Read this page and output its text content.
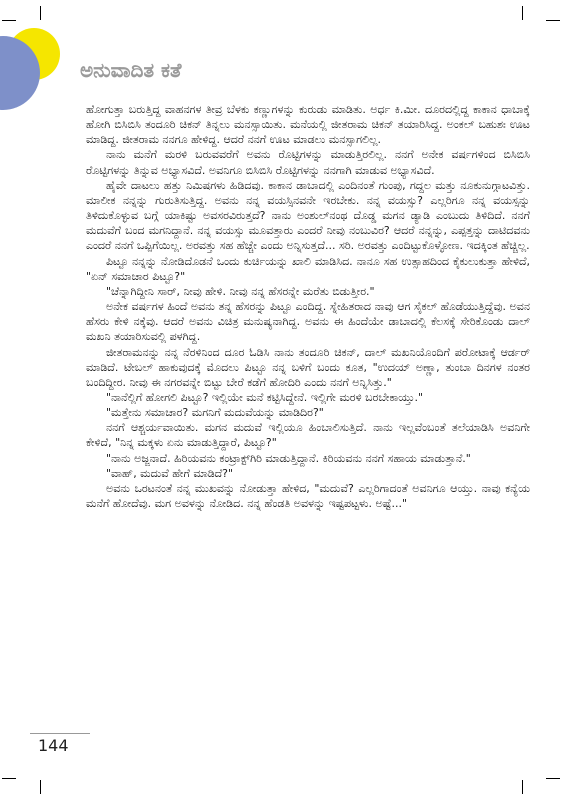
ಅನುವಾದಿತ ಕತೆ

ಹೋಗುತ್ತಾ ಬರುತ್ತಿದ್ದ ವಾಹನಗಳ ತೀವ್ರ ಬೆಳಕು ಕಣ್ಣುಗಳನ್ನು ಕುರುಡು ಮಾಡಿತು. ಅರ್ಧ ಕಿ.ಮೀ. ದೂರದಲ್ಲಿದ್ದ ಕಾಕಾನ ಧಾಬಾಕ್ಕೆ ಹೋಗಿ ಬಿಸಿಬಿಸಿ ತಂದೂರಿ ಚಿಕನ್ ತಿನ್ನಲು ಮನಸ್ಸಾಯಿತು. ಮನೆಯಲ್ಲಿ ಜೀತರಾಮ ಚಿಕನ್ ತಯಾರಿಸಿದ್ದ. ಅಂಕಲ್ ಬಹುಶಃ ಊಟ ಮಾಡಿದ್ದ. ಜೀತರಾಮ ನನಗೂ ಹೇಳಿದ್ದ. ಆದರೆ ನನಗೆ ಊಟ ಮಾಡಲು ಮನಸ್ಸಾಗಲಿಲ್ಲ.

ನಾನು ಮನೆಗೆ ಮರಳಿ ಬರುವವರೆಗೆ ಅವನು ರೊಟ್ಟಿಗಳನ್ನು ಮಾಡುತ್ತಿರಲಿಲ್ಲ. ನನಗೆ ಅನೇಕ ವರ್ಷಗಳಿಂದ ಬಿಸಿಬಿಸಿ ರೊಟ್ಟಿಗಳನ್ನು ತಿನ್ನುವ ಅಭ್ಯಾಸವಿದೆ. ಅವನಿಗೂ ಬಿಸಿಬಿಸಿ ರೊಟ್ಟಿಗಳನ್ನು ನನಗಾಗಿ ಮಾಡುವ ಅಭ್ಯಾಸವಿದೆ.

ಹೈವೇ ದಾಟಲು ಹತ್ತು ನಿಮಿಷಗಳು ಹಿಡಿದವು. ಕಾಕಾನ ಡಾಬಾದಲ್ಲಿ ಎಂದಿನಂತೆ ಗುಂಪು, ಗದ್ದಲ ಮತ್ತು ನೂಕುನುಗ್ಗಾಟವಿತ್ತು. ಮಾಲೀಕ ನನ್ನನ್ನು ಗುರುತಿಸುತ್ತಿದ್ದ. ಅವನು ನನ್ನ ವಯಸ್ಸಿನವನೇ ಇರಬೇಕು. ನನ್ನ ವಯಸ್ಸು? ಎಲ್ಲರಿಗೂ ನನ್ನ ವಯಸ್ಸನ್ನು ತಿಳಿದುಕೊಳ್ಳುವ ಬಗ್ಗೆ ಯಾಕಿಷ್ಟು ಅವಸರವಿರುತ್ತದೆ? ನಾನು ಅಂಶುಲ್‌ನಂಥ ದೊಡ್ಡ ಮಗನ ಡ್ಯಾಡಿ ಎಂಬುದು ತಿಳಿದಿದೆ. ನನಗೆ ಮದುವೆಗೆ ಬಂದ ಮಗನಿದ್ದಾನೆ. ನನ್ನ ವಯಸ್ಸು ಮೂವತ್ತಾರು ಎಂದರೆ ನೀವು ನಂಬುವಿರ? ಆದರೆ ನನ್ನನ್ನು, ಎಪ್ಪತ್ತನ್ನು ದಾಟಿದವನು ಎಂದರೆ ನನಗೆ ಒಪ್ಪಿಗೆಯಿಲ್ಲ. ಅರವತ್ತು ಸಹ ಹೆಚ್ಚೇ ಎಂದು ಅನ್ನಿಸುತ್ತದೆ... ಸರಿ. ಅರವತ್ತು ಎಂದಿಟ್ಟುಕೊಳ್ಳೋಣ. ಇದಕ್ಕಿಂತ ಹೆಚ್ಚಿಲ್ಲ.

ಪಿಟ್ಟೂ ನನ್ನನ್ನು ನೋಡಿದೊಡನೆ ಒಂದು ಕುರ್ಚಿಯನ್ನು ಖಾಲಿ ಮಾಡಿಸಿದ. ನಾನೂ ಸಹ ಉತ್ಸಾಹದಿಂದ ಕೈಕುಲುಕುತ್ತಾ ಹೇಳಿದೆ, "ಏನ್ ಸಮಾಚಾರ ಪಿಟ್ಟೂ?"

"ಚೆನ್ನಾಗಿದ್ದೀನಿ ಸಾರ್, ನೀವು ಹೇಳಿ. ನೀವು ನನ್ನ ಹೆಸರನ್ನೇ ಮರೆತು ಬಿಡುತ್ತೀರ."

ಅನೇಕ ವರ್ಷಗಳ ಹಿಂದೆ ಅವನು ತನ್ನ ಹೆಸರನ್ನು ಪಿಟ್ಟೂ ಎಂದಿದ್ದ. ಸ್ನೇಹಿತರಾದ ನಾವು ಆಗ ಸೈಕಲ್ ಹೊಡೆಯುತ್ತಿದ್ದೆವು. ಅವನ ಹೆಸರು ಕೇಳಿ ನಕ್ಕೆವು. ಆದರೆ ಅವನು ವಿಚಿತ್ರ ಮನುಷ್ಯನಾಗಿದ್ದ. ಅವನು ಈ ಹಿಂದೆಯೇ ಡಾಬಾದಲ್ಲಿ ಕೆಲಸಕ್ಕೆ ಸೇರಿಕೊಂಡು ದಾಲ್ ಮಖನಿ ತಯಾರಿಸುವಲ್ಲಿ ಪಳಗಿದ್ದ.

ಜೀತರಾಮನನ್ನು ನನ್ನ ನೆರಳಿನಿಂದ ದೂರ ಓಡಿಸಿ ನಾನು ತಂದೂರಿ ಚಿಕನ್, ದಾಲ್ ಮಖನಿಯೊಂದಿಗೆ ಪರೋಟಾಕ್ಕೆ ಆರ್ಡರ್ ಮಾಡಿದೆ. ಟೇಬಲ್ ಹಾಕುವುದಕ್ಕೆ ಮೊದಲು ಪಿಟ್ಟೂ ನನ್ನ ಬಳಿಗೆ ಬಂದು ಕೂತ, "ಉದಯ್ ಅಣ್ಣಾ, ತುಂಬಾ ದಿನಗಳ ನಂತರ ಬಂದಿದ್ದೀರ. ನೀವು ಈ ನಗರವನ್ನೇ ಬಿಟ್ಟು ಬೇರೆ ಕಡೆಗೆ ಹೋದಿರಿ ಎಂದು ನನಗೆ ಅನ್ನಿಸಿತ್ತು."

"ನಾನೆಲ್ಲಿಗೆ ಹೋಗಲಿ ಪಿಟ್ಟೂ? ಇಲ್ಲಿಯೇ ಮನೆ ಕಟ್ಟಿಸಿದ್ದೇನೆ. ಇಲ್ಲಿಗೇ ಮರಳಿ ಬರಬೇಕಾಯ್ತು."

"ಮತ್ತೇನು ಸಮಾಚಾರ? ಮಗನಿಗೆ ಮದುವೆಯನ್ನು ಮಾಡಿದಿರ?"

ನನಗೆ ಆಶ್ಚರ್ಯವಾಯಿತು. ಮಗನ ಮದುವೆ ಇಲ್ಲಿಯೂ ಹಿಂಬಾಲಿಸುತ್ತಿದೆ. ನಾನು ಇಲ್ಲವೆಂಬಂತೆ ತಲೆಯಾಡಿಸಿ ಅವನಿಗೇ ಕೇಳಿದೆ, "ನಿನ್ನ ಮಕ್ಕಳು ಏನು ಮಾಡುತ್ತಿದ್ದಾರೆ, ಪಿಟ್ಟೂ?"

"ನಾನು ಅಜ್ಜನಾದೆ. ಹಿರಿಯವನು ಕಂಟ್ರಾಕ್ಟ್‌ಗಿರಿ ಮಾಡುತ್ತಿದ್ದಾನೆ. ಕಿರಿಯವನು ನನಗೆ ಸಹಾಯ ಮಾಡುತ್ತಾನೆ."

"ವಾಹ್, ಮದುವೆ ಹೇಗೆ ಮಾಡಿದೆ?"

ಅವನು ಒರಟನಂತೆ ನನ್ನ ಮುಖವನ್ನು ನೋಡುತ್ತಾ ಹೇಳಿದ, "ಮದುವೆ? ಎಲ್ಲರಿಗಾದಂತೆ ಅವನಿಗೂ ಆಯ್ತು. ನಾವು ಕನ್ಯೆಯ ಮನೆಗೆ ಹೋದೆವು. ಮಗ ಅವಳನ್ನು ನೋಡಿದ. ನನ್ನ ಹೆಂಡತಿ ಅವಳನ್ನು ಇಷ್ಟಪಟ್ಟಳು. ಅಷ್ಟೆ..."

144
